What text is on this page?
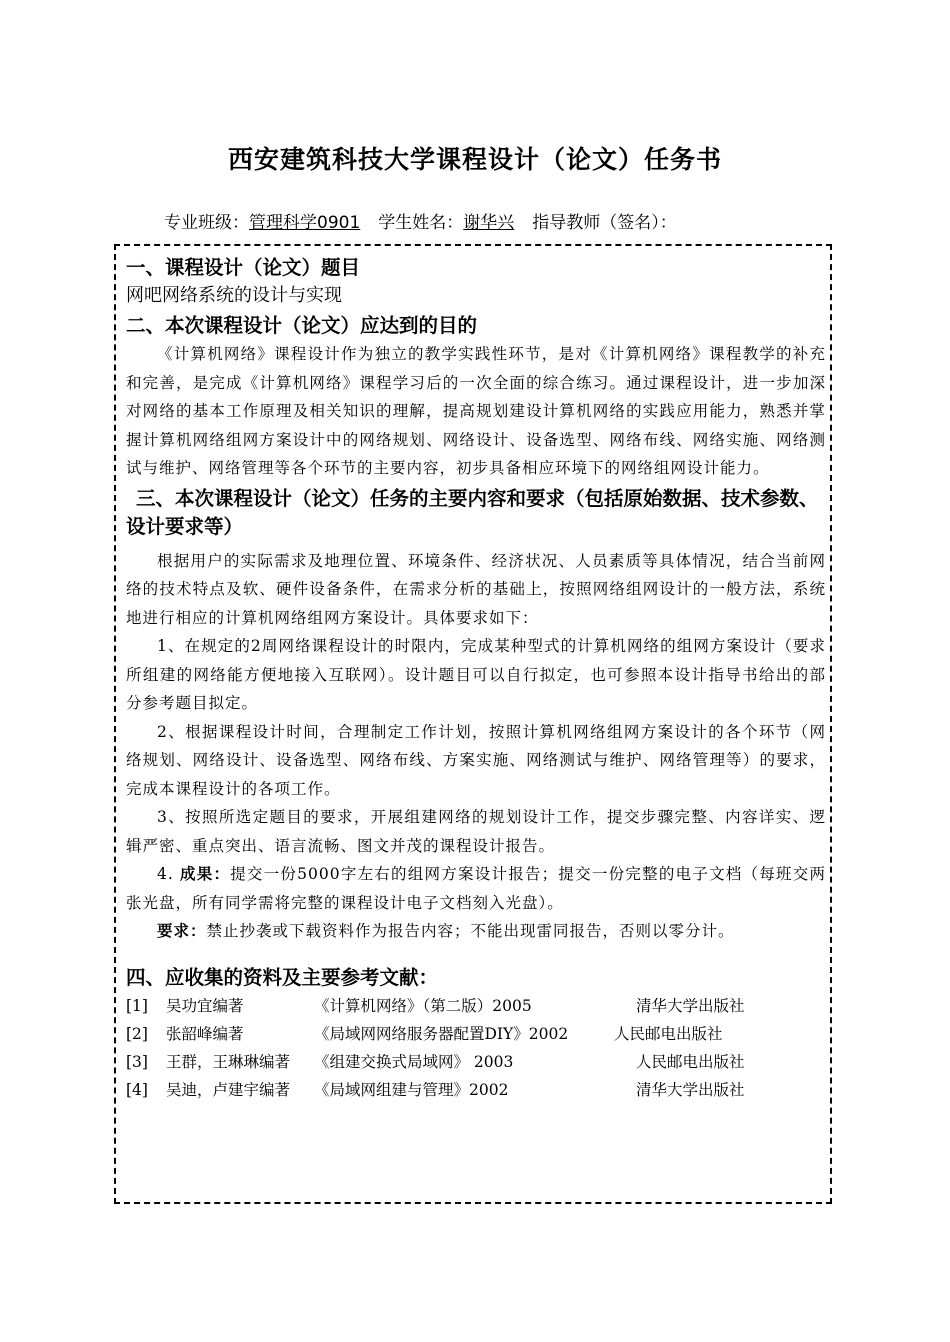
西安建筑科技大学课程设计（论文）任务书
专业班级：管理科学0901 学生姓名：谢华兴 指导教师（签名）：

一、课程设计（论文）题目

网吧网络系统的设计与实现

二、本次课程设计（论文）应达到的目的

《计算机网络》课程设计作为独立的教学实践性环节，是对《计算机网络》课程教学的补充和完善，是完成《计算机网络》课程学习后的一次全面的综合练习。通过课程设计，进一步加深对网络的基本工作原理及相关知识的理解，提高规划建设计算机网络的实践应用能力，熟悉并掌握计算机网络组网方案设计中的网络规划、网络设计、设备选型、网络布线、网络实施、网络测试与维护、网络管理等各个环节的主要内容，初步具备相应环境下的网络组网设计能力。

三、本次课程设计（论文）任务的主要内容和要求（包括原始数据、技术参数、设计要求等）

根据用户的实际需求及地理位置、环境条件、经济状况、人员素质等具体情况，结合当前网络的技术特点及软、硬件设备条件，在需求分析的基础上，按照网络组网设计的一般方法，系统地进行相应的计算机网络组网方案设计。具体要求如下：

1、在规定的2周网络课程设计的时限内，完成某种型式的计算机网络的组网方案设计（要求所组建的网络能方便地接入互联网）。设计题目可以自行拟定，也可参照本设计指导书给出的部分参考题目拟定。

2、根据课程设计时间，合理制定工作计划，按照计算机网络组网方案设计的各个环节（网络规划、网络设计、设备选型、网络布线、方案实施、网络测试与维护、网络管理等）的要求，完成本课程设计的各项工作。

3、按照所选定题目的要求，开展组建网络的规划设计工作，提交步骤完整、内容详实、逻辑严密、重点突出、语言流畅、图文并茂的课程设计报告。

4. 成果：提交一份5000字左右的组网方案设计报告；提交一份完整的电子文档（每班交两张光盘，所有同学需将完整的课程设计电子文档刻入光盘）。

要求：禁止抄袭或下载资料作为报告内容；不能出现雷同报告，否则以零分计。

四、应收集的资料及主要参考文献：

[1] 吴功宜编著	《计算机网络》（第二版）2005	清华大学出版社
[2] 张韶峰编著	《局域网网络服务器配置DIY》2002	人民邮电出版社
[3] 王群，王琳琳编著 《组建交换式局域网》 2003	人民邮电出版社
[4] 吴迪，卢建宇编著 《局域网组建与管理》2002	清华大学出版社
